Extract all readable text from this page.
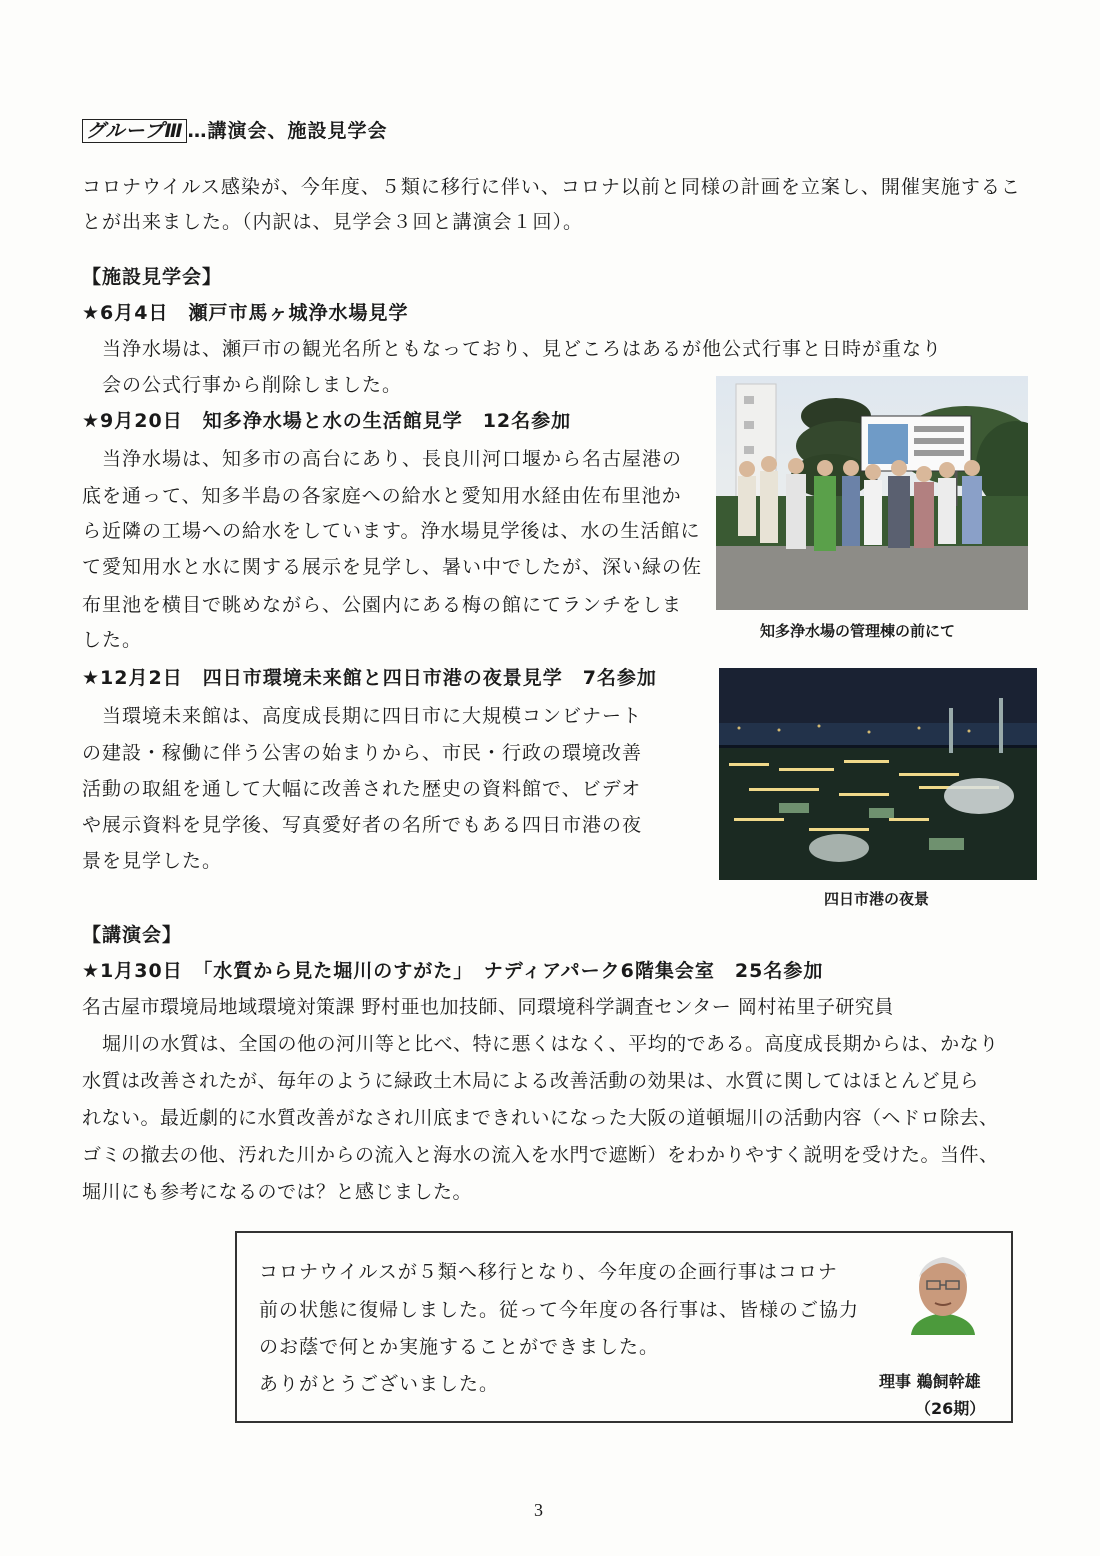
グループⅢ …講演会、施設見学会
コロナウイルス感染が、今年度、５類に移行に伴い、コロナ以前と同様の計画を立案し、開催実施するこ
とが出来ました。（内訳は、見学会３回と講演会１回）。
【施設見学会】
★6月4日　瀬戸市馬ヶ城浄水場見学
当浄水場は、瀬戸市の観光名所ともなっており、見どころはあるが他公式行事と日時が重なり
会の公式行事から削除しました。
★9月20日　知多浄水場と水の生活館見学　12名参加
当浄水場は、知多市の高台にあり、長良川河口堰から名古屋港の
底を通って、知多半島の各家庭への給水と愛知用水経由佐布里池か
ら近隣の工場への給水をしています。浄水場見学後は、水の生活館に
て愛知用水と水に関する展示を見学し、暑い中でしたが、深い緑の佐
布里池を横目で眺めながら、公園内にある梅の館にてランチをしま
した。	知多浄水場の管理棟の前にて
★12月2日　四日市環境未来館と四日市港の夜景見学　7名参加
当環境未来館は、高度成長期に四日市に大規模コンビナート
の建設・稼働に伴う公害の始まりから、市民・行政の環境改善
活動の取組を通して大幅に改善された歴史の資料館で、ビデオ
や展示資料を見学後、写真愛好者の名所でもある四日市港の夜
景を見学した。
四日市港の夜景
【講演会】
★1月30日　「水質から見た堀川のすがた」　ナディアパーク6階集会室　25名参加
名古屋市環境局地域環境対策課 野村亜也加技師、同環境科学調査センター 岡村祐里子研究員
堀川の水質は、全国の他の河川等と比べ、特に悪くはなく、平均的である。高度成長期からは、かなり
水質は改善されたが、毎年のように緑政土木局による改善活動の効果は、水質に関してはほとんど見ら
れない。最近劇的に水質改善がなされ川底まできれいになった大阪の道頓堀川の活動内容（ヘドロ除去、
ゴミの撤去の他、汚れた川からの流入と海水の流入を水門で遮断）をわかりやすく説明を受けた。当件、
堀川にも参考になるのでは？と感じました。
コロナウイルスが５類へ移行となり、今年度の企画行事はコロナ
前の状態に復帰しました。従って今年度の各行事は、皆様のご協力
のお蔭で何とか実施することができました。
ありがとうございました。	理事 鵜飼幹雄
（26期）
3
